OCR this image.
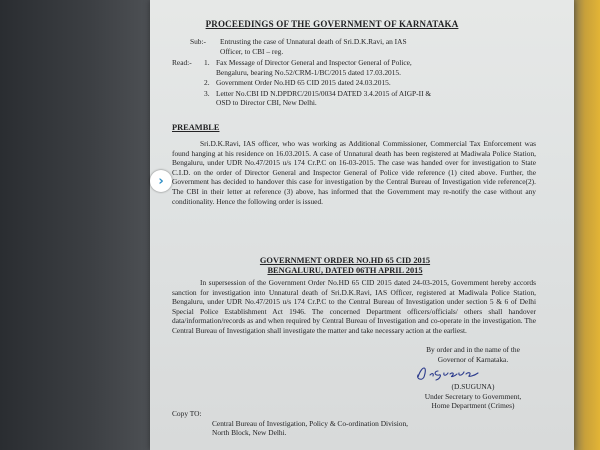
PROCEEDINGS OF THE GOVERNMENT OF KARNATAKA
Sub:- Entrusting the case of Unnatural death of Sri.D.K.Ravi, an IAS Officer, to CBI – reg.
Read:- 1. Fax Message of Director General and Inspector General of Police, Bengaluru, bearing No.52/CRM-1/BC/2015 dated 17.03.2015.
2. Government Order No.HD 65 CID 2015 dated 24.03.2015.
3. Letter No.CBI ID N.DPDRC/2015/0034 DATED 3.4.2015 of AIGP-II & OSD to Director CBI, New Delhi.
PREAMBLE
Sri.D.K.Ravi, IAS officer, who was working as Additional Commissioner, Commercial Tax Enforcement was found hanging at his residence on 16.03.2015. A case of Unnatural death has been registered at Madiwala Police Station, Bengaluru, under UDR No.47/2015 u/s 174 Cr.P.C on 16-03-2015. The case was handed over for investigation to State C.I.D. on the order of Director General and Inspector General of Police vide reference (1) cited above. Further, the Government has decided to handover this case for investigation by the Central Bureau of Investigation vide reference(2). The CBI in their letter at reference (3) above, has informed that the Government may re-notify the case without any conditionality. Hence the following order is issued.
GOVERNMENT ORDER NO.HD 65 CID 2015
BENGALURU, DATED 06TH APRIL 2015
In supersession of the Government Order No.HD 65 CID 2015 dated 24-03-2015, Government hereby accords sanction for investigation into Unnatural death of Sri.D.K.Ravi, IAS Officer, registered at Madiwala Police Station, Bengaluru, under UDR No.47/2015 u/s 174 Cr.P.C to the Central Bureau of Investigation under section 5 & 6 of Delhi Special Police Establishment Act 1946. The concerned Department officers/officials/ others shall handover data/information/records as and when required by Central Bureau of Investigation and co-operate in the investigation. The Central Bureau of Investigation shall investigate the matter and take necessary action at the earliest.
By order and in the name of the
Governor of Karnataka.
(D.SUGUNA)
Under Secretary to Government,
Home Department (Crimes)
Copy TO:
Central Bureau of Investigation, Policy & Co-ordination Division,
North Block, New Delhi.
›
